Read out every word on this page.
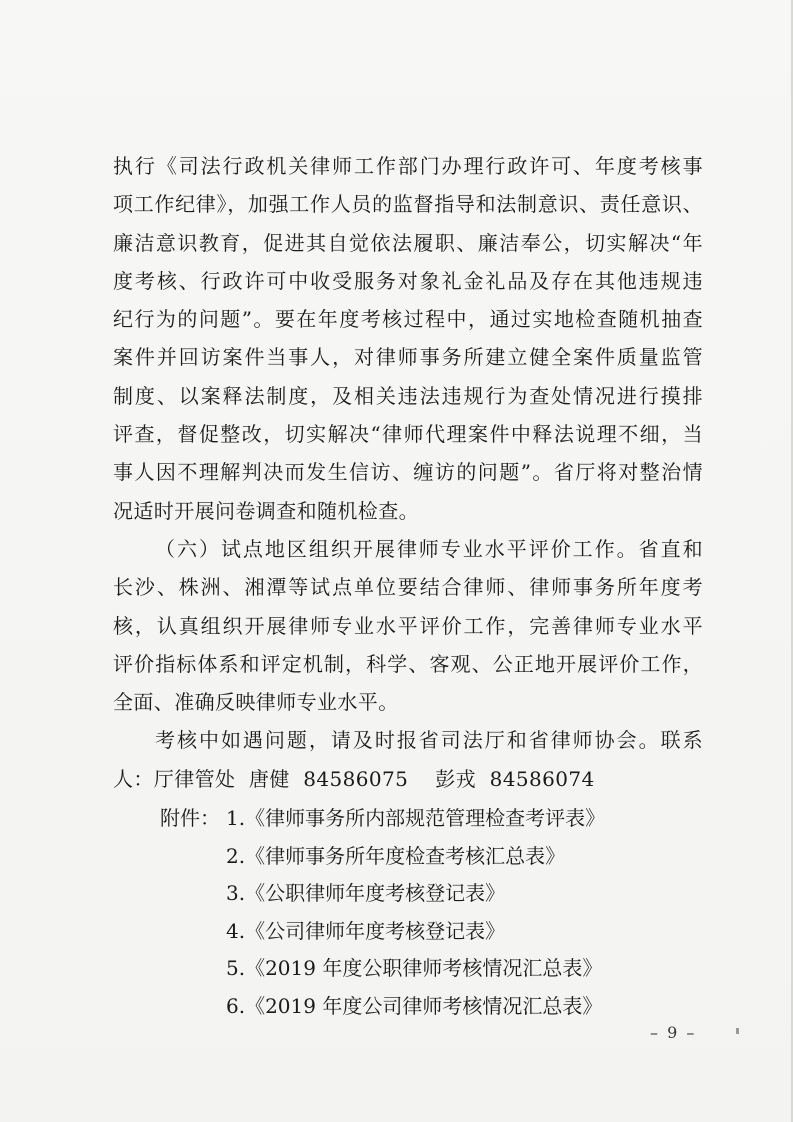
执行《司法行政机关律师工作部门办理行政许可、年度考核事
项工作纪律》，加强工作人员的监督指导和法制意识、责任意识、
廉洁意识教育，促进其自觉依法履职、廉洁奉公，切实解决“年
度考核、行政许可中收受服务对象礼金礼品及存在其他违规违
纪行为的问题”。要在年度考核过程中，通过实地检查随机抽查
案件并回访案件当事人，对律师事务所建立健全案件质量监管
制度、以案释法制度，及相关违法违规行为查处情况进行摸排
评查，督促整改，切实解决“律师代理案件中释法说理不细，当
事人因不理解判决而发生信访、缠访的问题”。省厅将对整治情
况适时开展问卷调查和随机检查。
（六）试点地区组织开展律师专业水平评价工作。省直和
长沙、株洲、湘潭等试点单位要结合律师、律师事务所年度考
核，认真组织开展律师专业水平评价工作，完善律师专业水平
评价指标体系和评定机制，科学、客观、公正地开展评价工作，
全面、准确反映律师专业水平。
考核中如遇问题，请及时报省司法厅和省律师协会。联系
人：厅律管处  唐健  84586075    彭戎  84586074
附件： 1.《律师事务所内部规范管理检查考评表》
2.《律师事务所年度检查考核汇总表》
3.《公职律师年度考核登记表》
4.《公司律师年度考核登记表》
5.《2019 年度公职律师考核情况汇总表》
6.《2019 年度公司律师考核情况汇总表》
– 9 –
